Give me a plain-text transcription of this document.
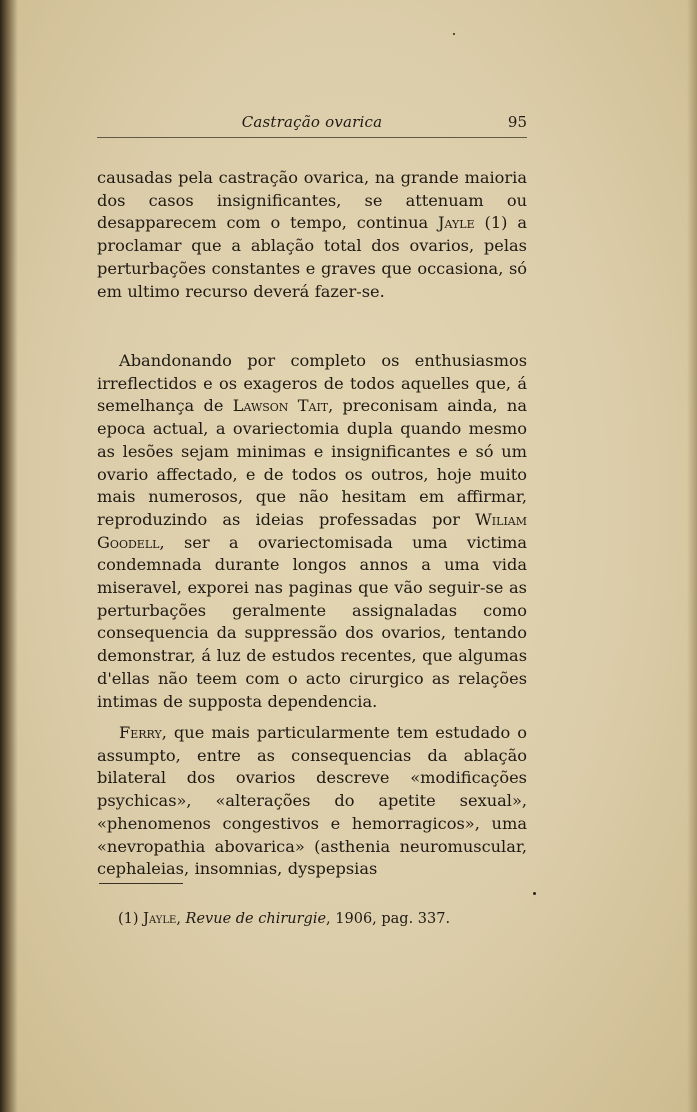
Castração ovarica	95

causadas pela castração ovarica, na grande maioria dos casos insignificantes, se attenuam ou desapparecem com o tempo, continua Jayle (1) a proclamar que a ablação total dos ovarios, pelas perturbações constantes e graves que occasiona, só em ultimo recurso deverá fazer-se.

Abandonando por completo os enthusiasmos irreflectidos e os exageros de todos aquelles que, á semelhança de Lawson Tait, preconisam ainda, na epoca actual, a ovariectomia dupla quando mesmo as lesões sejam minimas e insignificantes e só um ovario affectado, e de todos os outros, hoje muito mais numerosos, que não hesitam em affirmar, reproduzindo as ideias professadas por Wiliam Goodell, ser a ovariectomisada uma victima condemnada durante longos annos a uma vida miseravel, exporei nas paginas que vão seguir-se as perturbações geralmente assignaladas como consequencia da suppressão dos ovarios, tentando demonstrar, á luz de estudos recentes, que algumas d'ellas não teem com o acto cirurgico as relações intimas de supposta dependencia.

Ferry, que mais particularmente tem estudado o assumpto, entre as consequencias da ablação bilateral dos ovarios descreve «modificações psychicas», «alterações do apetite sexual», «phenomenos congestivos e hemorragicos», uma «nevropathia abovarica» (asthenia neuromuscular, cephaleias, insomnias, dyspepsias

(1) Jayle, Revue de chirurgie, 1906, pag. 337.
